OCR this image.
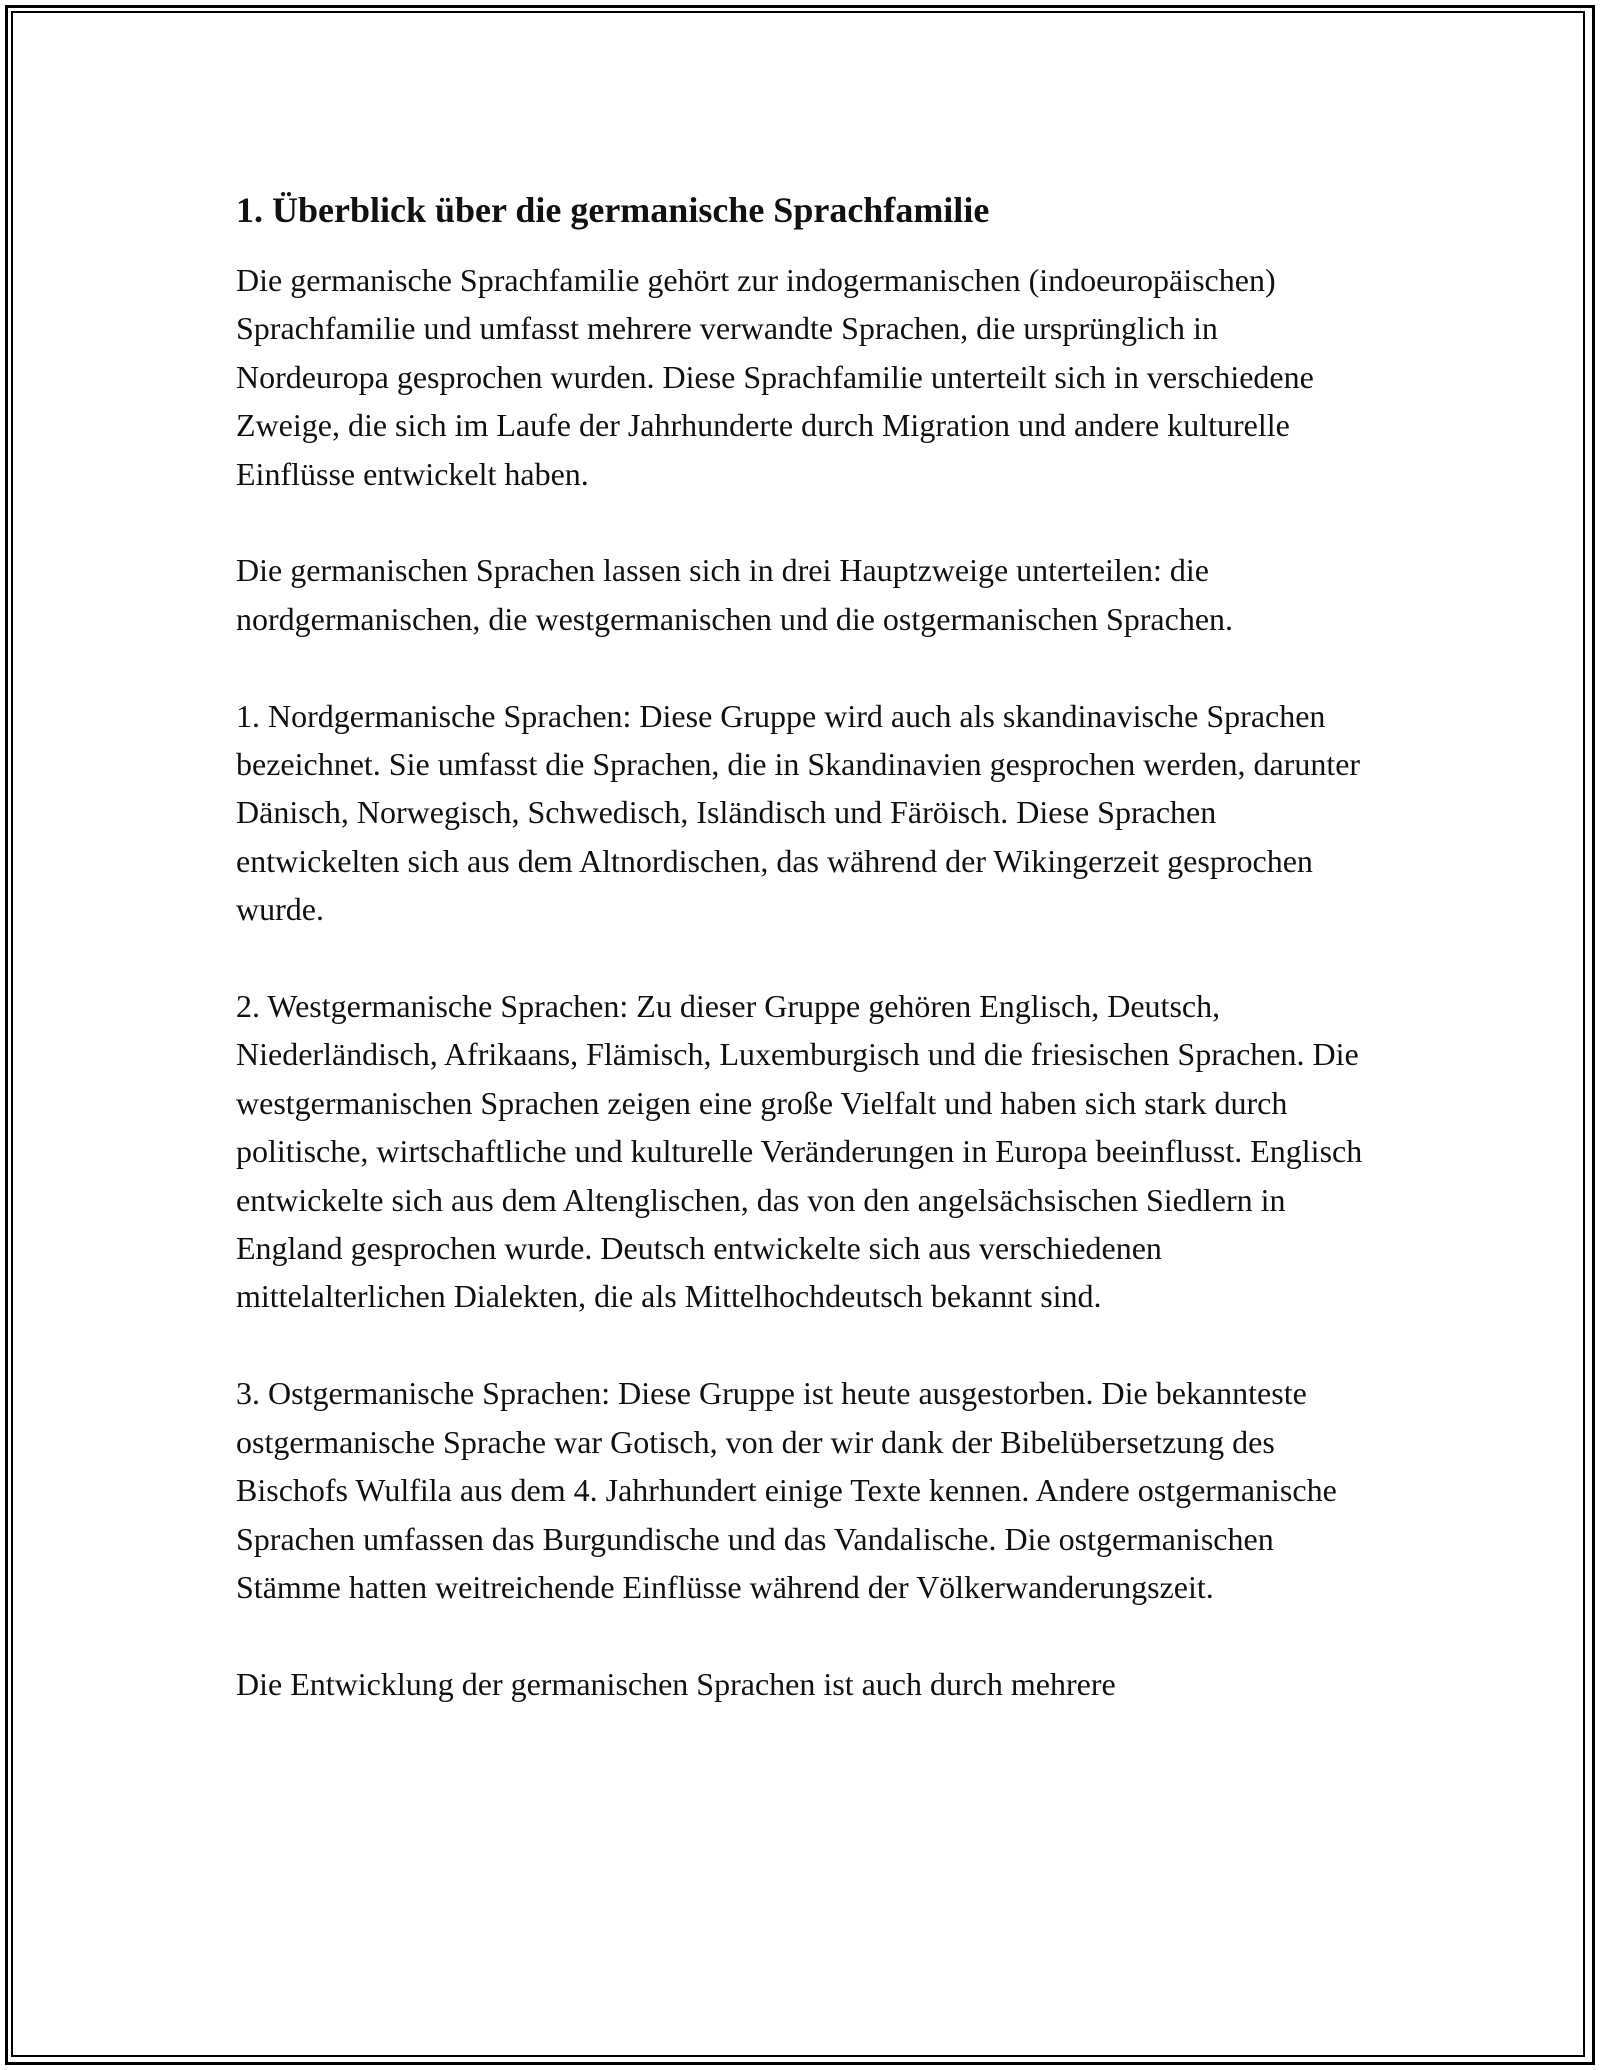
1. Überblick über die germanische Sprachfamilie

Die germanische Sprachfamilie gehört zur indogermanischen (indoeuropäischen) Sprachfamilie und umfasst mehrere verwandte Sprachen, die ursprünglich in Nordeuropa gesprochen wurden. Diese Sprachfamilie unterteilt sich in verschiedene Zweige, die sich im Laufe der Jahrhunderte durch Migration und andere kulturelle Einflüsse entwickelt haben.

Die germanischen Sprachen lassen sich in drei Hauptzweige unterteilen: die nordgermanischen, die westgermanischen und die ostgermanischen Sprachen.

1. Nordgermanische Sprachen: Diese Gruppe wird auch als skandinavische Sprachen bezeichnet. Sie umfasst die Sprachen, die in Skandinavien gesprochen werden, darunter Dänisch, Norwegisch, Schwedisch, Isländisch und Färöisch. Diese Sprachen entwickelten sich aus dem Altnordischen, das während der Wikingerzeit gesprochen wurde.

2. Westgermanische Sprachen: Zu dieser Gruppe gehören Englisch, Deutsch, Niederländisch, Afrikaans, Flämisch, Luxemburgisch und die friesischen Sprachen. Die westgermanischen Sprachen zeigen eine große Vielfalt und haben sich stark durch politische, wirtschaftliche und kulturelle Veränderungen in Europa beeinflusst. Englisch entwickelte sich aus dem Altenglischen, das von den angelsächsischen Siedlern in England gesprochen wurde. Deutsch entwickelte sich aus verschiedenen mittelalterlichen Dialekten, die als Mittelhochdeutsch bekannt sind.

3. Ostgermanische Sprachen: Diese Gruppe ist heute ausgestorben. Die bekannteste ostgermanische Sprache war Gotisch, von der wir dank der Bibelübersetzung des Bischofs Wulfila aus dem 4. Jahrhundert einige Texte kennen. Andere ostgermanische Sprachen umfassen das Burgundische und das Vandalische. Die ostgermanischen Stämme hatten weitreichende Einflüsse während der Völkerwanderungszeit.

Die Entwicklung der germanischen Sprachen ist auch durch mehrere
